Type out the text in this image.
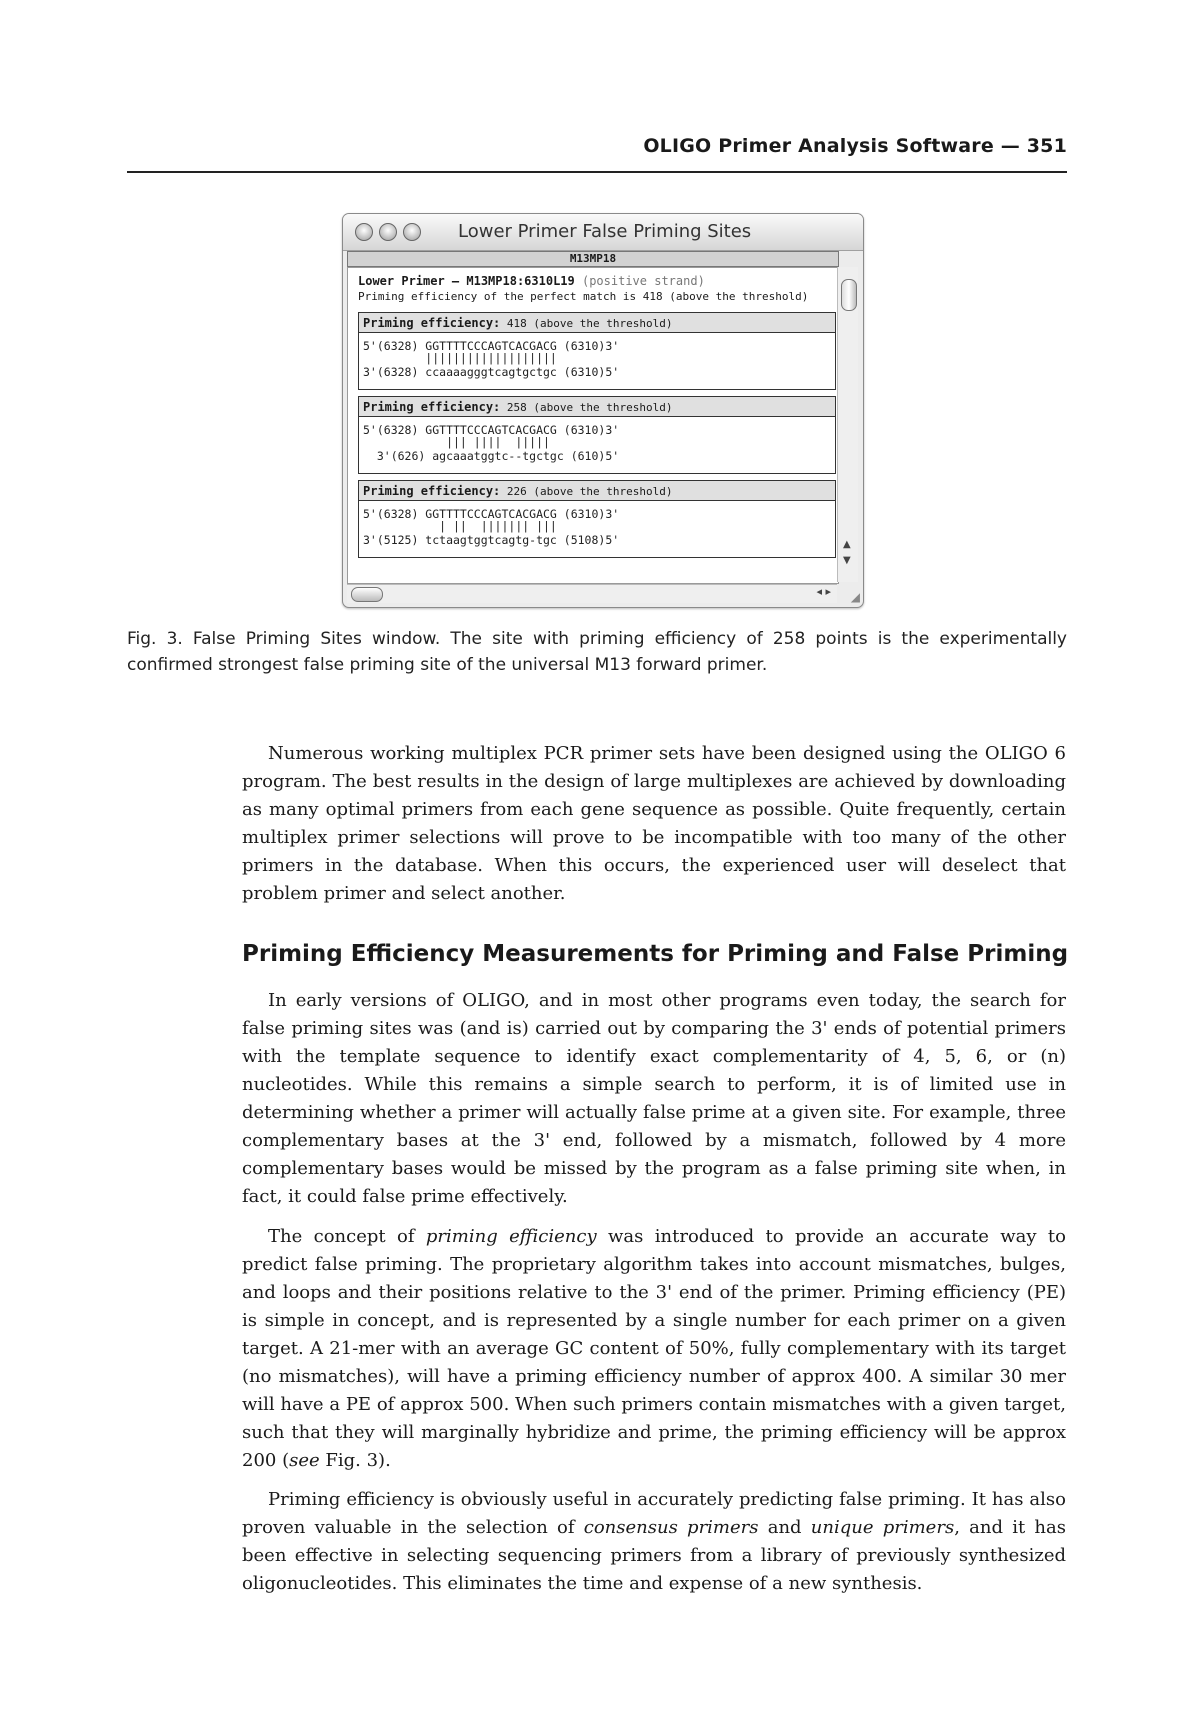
OLIGO Primer Analysis Software — 351
Lower Primer False Priming Sites
M13MP18
Lower Primer – M13MP18:6310L19 (positive strand)
Priming efficiency of the perfect match is 418 (above the threshold)
Priming efficiency: 418 (above the threshold)
5'(6328) GGTTTTCCCAGTCACGACG (6310)3'
|||||||||||||||||||
3'(6328) ccaaaagggtcagtgctgc (6310)5'
Priming efficiency: 258 (above the threshold)
5'(6328) GGTTTTCCCAGTCACGACG (6310)3'
||| ||||  |||||
3'(626) agcaaatggtc--tgctgc (610)5'
Priming efficiency: 226 (above the threshold)
5'(6328) GGTTTTCCCAGTCACGACG (6310)3'
| ||  ||||||| |||
3'(5125) tctaagtggtcagtg-tgc (5108)5'	▲
▼
◂ ▸ ◢
Fig. 3. False Priming Sites window. The site with priming efficiency of 258 points is the experimentally confirmed strongest false priming site of the universal M13 forward primer.
Numerous working multiplex PCR primer sets have been designed using the OLIGO 6 program. The best results in the design of large multiplexes are achieved by downloading as many optimal primers from each gene sequence as possible. Quite frequently, certain multiplex primer selections will prove to be incompatible with too many of the other primers in the database. When this occurs, the experienced user will deselect that problem primer and select another.
Priming Efficiency Measurements for Priming and False Priming
In early versions of OLIGO, and in most other programs even today, the search for false priming sites was (and is) carried out by comparing the 3' ends of potential primers with the template sequence to identify exact complementarity of 4, 5, 6, or (n) nucleotides. While this remains a simple search to perform, it is of limited use in determining whether a primer will actually false prime at a given site. For example, three complementary bases at the 3' end, followed by a mismatch, followed by 4 more complementary bases would be missed by the program as a false priming site when, in fact, it could false prime effectively.
The concept of priming efficiency was introduced to provide an accurate way to predict false priming. The proprietary algorithm takes into account mismatches, bulges, and loops and their positions relative to the 3' end of the primer. Priming efficiency (PE) is simple in concept, and is represented by a single number for each primer on a given target. A 21-mer with an average GC content of 50%, fully complementary with its target (no mismatches), will have a priming efficiency number of approx 400. A similar 30 mer will have a PE of approx 500. When such primers contain mismatches with a given target, such that they will marginally hybridize and prime, the priming efficiency will be approx 200 (see Fig. 3).
Priming efficiency is obviously useful in accurately predicting false priming. It has also proven valuable in the selection of consensus primers and unique primers, and it has been effective in selecting sequencing primers from a library of previously synthesized oligonucleotides. This eliminates the time and expense of a new synthesis.
